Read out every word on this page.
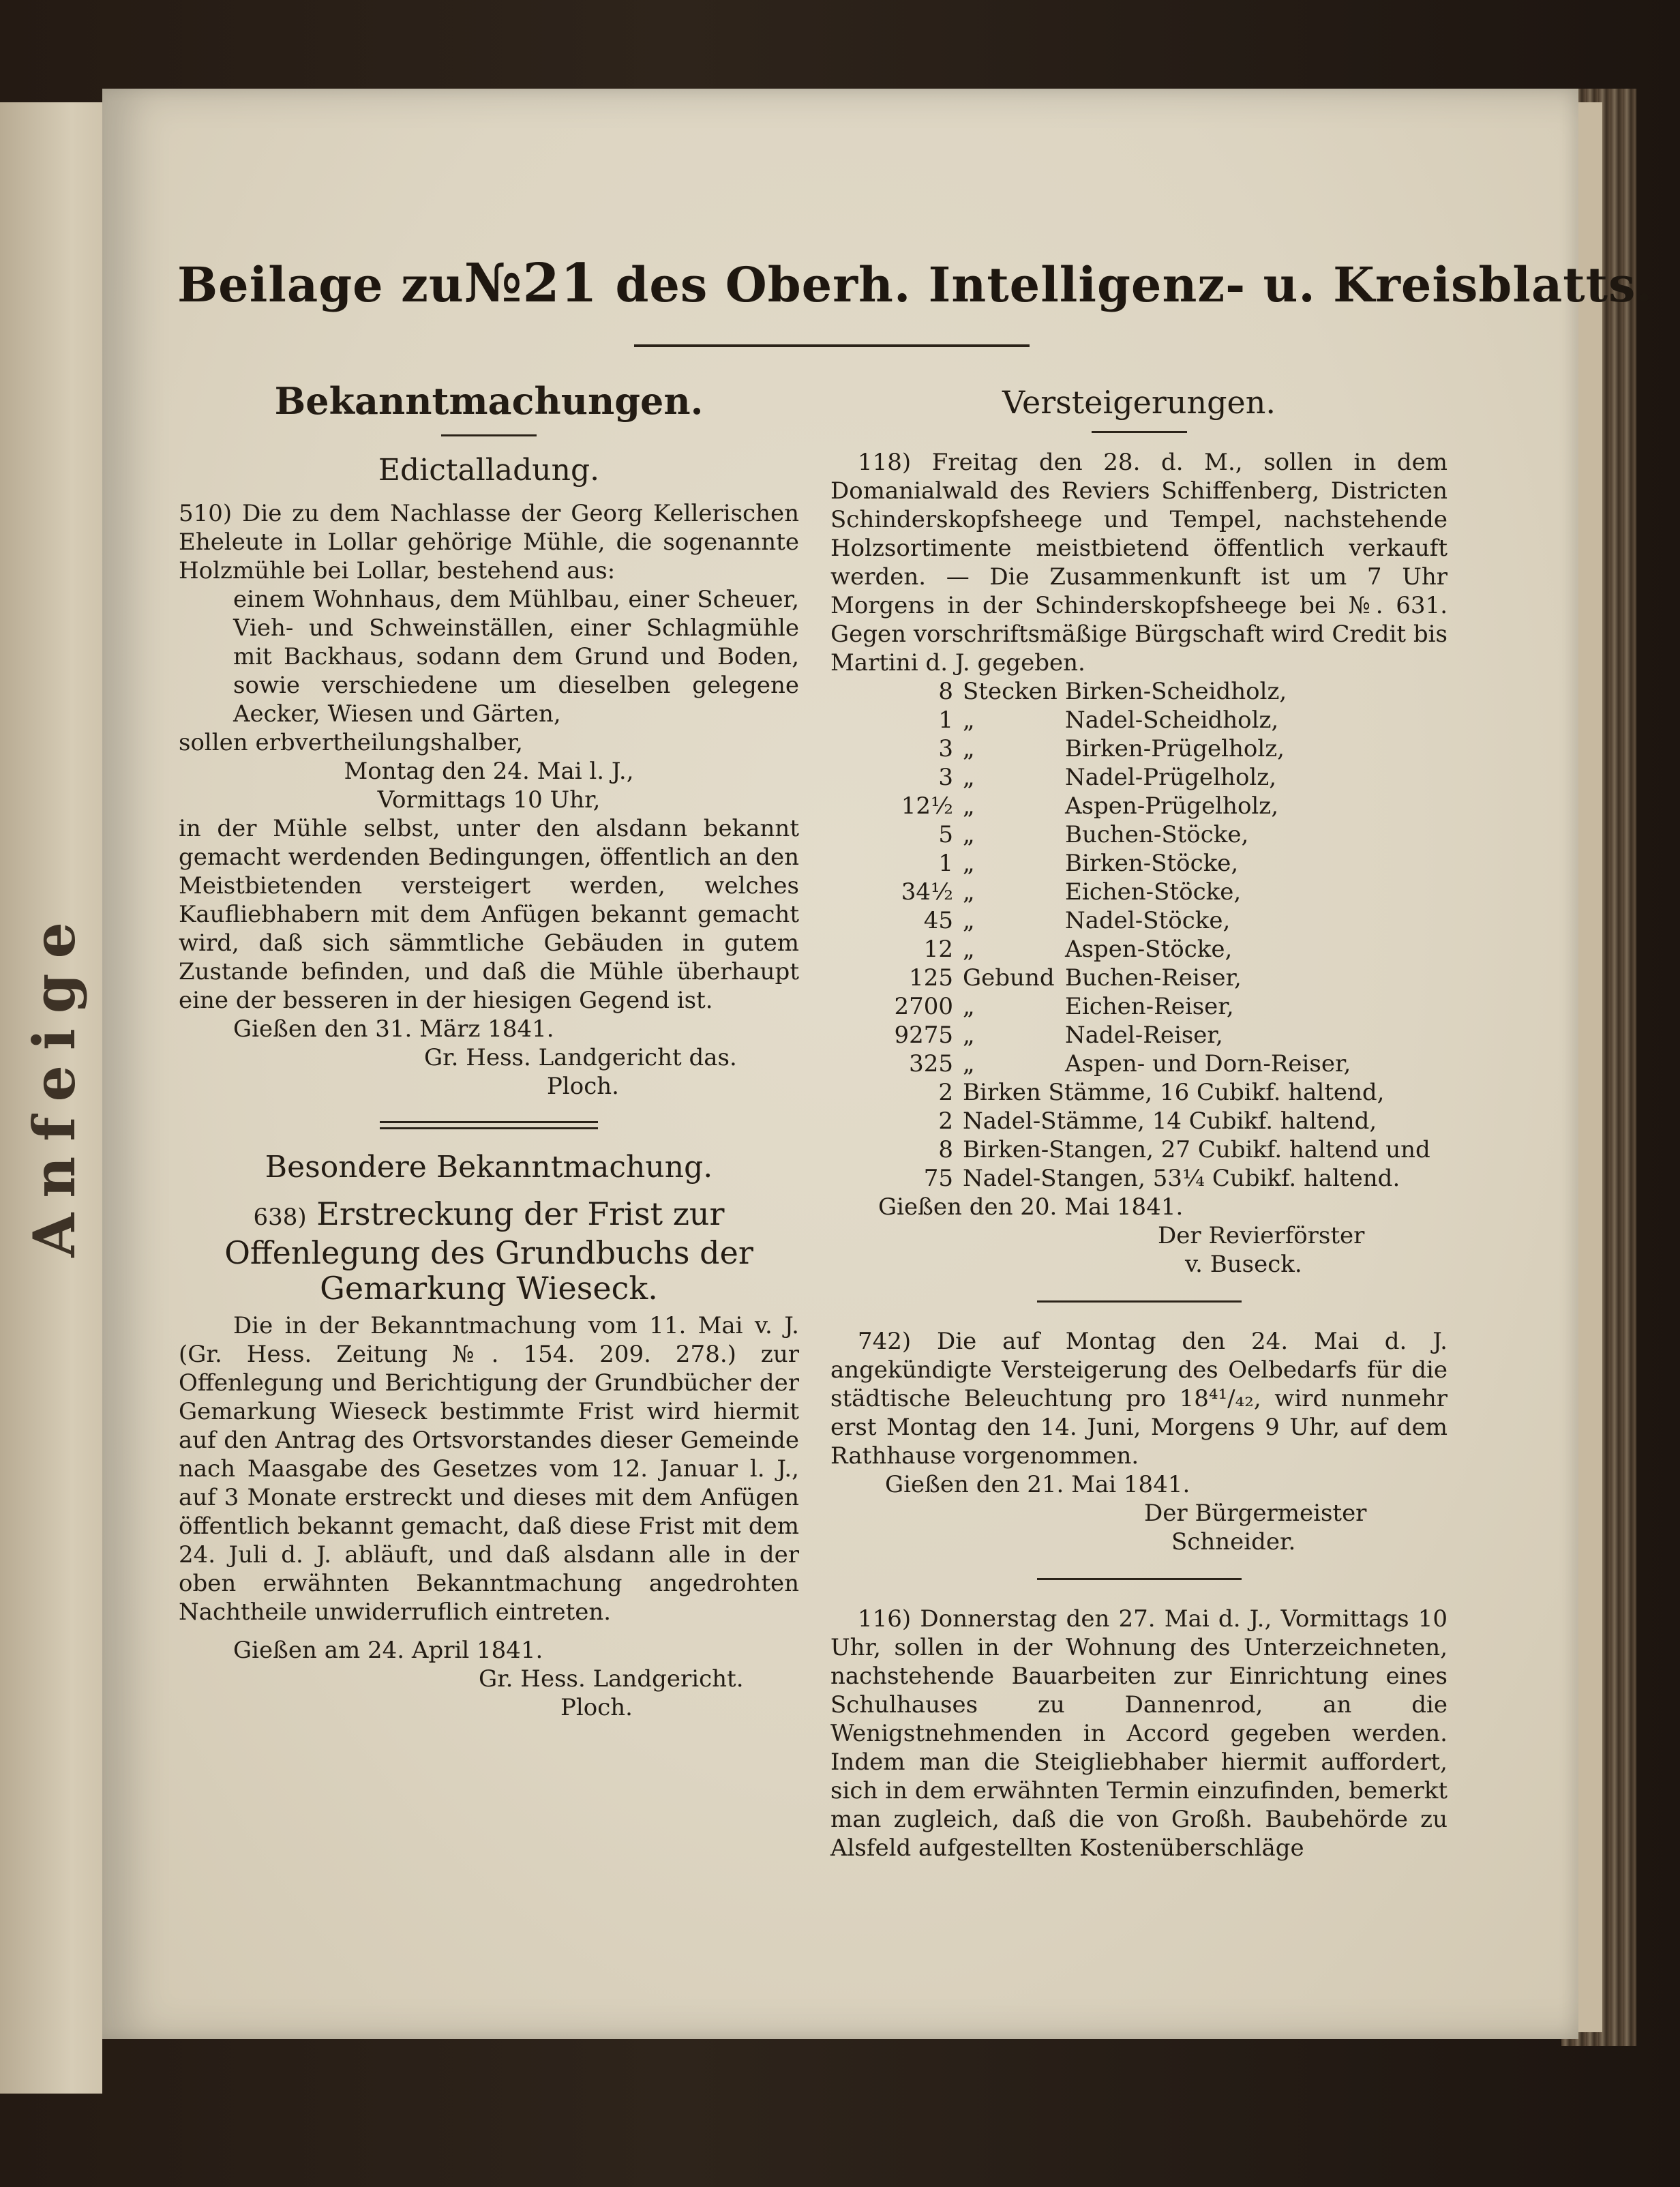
Anfeige
Beilage zu№21 des Oberh. Intelligenz- u. Kreisblatts.
Bekanntmachungen.
Edictalladung.

510) Die zu dem Nachlasse der Georg Kellerischen Eheleute in Lollar gehörige Mühle, die sogenannte Holzmühle bei Lollar, bestehend aus:

einem Wohnhaus, dem Mühlbau, einer Scheuer, Vieh- und Schweinställen, einer Schlagmühle mit Backhaus, sodann dem Grund und Boden, sowie verschiedene um dieselben gelegene Aecker, Wiesen und Gärten,

sollen erbvertheilungshalber,

Montag den 24. Mai l. J.,

Vormittags 10 Uhr,

in der Mühle selbst, unter den alsdann bekannt gemacht werdenden Bedingungen, öffentlich an den Meistbietenden versteigert werden, welches Kaufliebhabern mit dem Anfügen bekannt gemacht wird, daß sich sämmtliche Gebäuden in gutem Zustande befinden, und daß die Mühle überhaupt eine der besseren in der hiesigen Gegend ist.

Gießen den 31. März 1841.

Gr. Hess. Landgericht das.

Ploch.

Besondere Bekanntmachung.
638) Erstreckung der Frist zur Offenlegung des Grundbuchs der Gemarkung Wieseck.

Die in der Bekanntmachung vom 11. Mai v. J. (Gr. Hess. Zeitung №. 154. 209. 278.) zur Offenlegung und Berichtigung der Grundbücher der Gemarkung Wieseck bestimmte Frist wird hiermit auf den Antrag des Ortsvorstandes dieser Gemeinde nach Maasgabe des Gesetzes vom 12. Januar l. J., auf 3 Monate erstreckt und dieses mit dem Anfügen öffentlich bekannt gemacht, daß diese Frist mit dem 24. Juli d. J. abläuft, und daß alsdann alle in der oben erwähnten Bekanntmachung angedrohten Nachtheile unwiderruflich eintreten.

Gießen am 24. April 1841.

Gr. Hess. Landgericht.

Ploch.

Versteigerungen.

118) Freitag den 28. d. M., sollen in dem Domanialwald des Reviers Schiffenberg, Districten Schinderskopfsheege und Tempel, nachstehende Holzsortimente meistbietend öffentlich verkauft werden. — Die Zusammenkunft ist um 7 Uhr Morgens in der Schinderskopfsheege bei №. 631. Gegen vorschriftsmäßige Bürgschaft wird Credit bis Martini d. J. gegeben.

8	Stecken	Birken-Scheidholz,
1	„	Nadel-Scheidholz,
3	„	Birken-Prügelholz,
3	„	Nadel-Prügelholz,
12½	„	Aspen-Prügelholz,
5	„	Buchen-Stöcke,
1	„	Birken-Stöcke,
34½	„	Eichen-Stöcke,
45	„	Nadel-Stöcke,
12	„	Aspen-Stöcke,
125	Gebund	Buchen-Reiser,
2700	„	Eichen-Reiser,
9275	„	Nadel-Reiser,
325	„	Aspen- und Dorn-Reiser,
2	Birken Stämme, 16 Cubikf. haltend,
2	Nadel-Stämme, 14 Cubikf. haltend,
8	Birken-Stangen, 27 Cubikf. haltend und
75	Nadel-Stangen, 53¼ Cubikf. haltend.

Gießen den 20. Mai 1841.

Der Revierförster

v. Buseck.

742) Die auf Montag den 24. Mai d. J. angekündigte Versteigerung des Oelbedarfs für die städtische Beleuchtung pro 18⁴¹/₄₂, wird nunmehr erst Montag den 14. Juni, Morgens 9 Uhr, auf dem Rathhause vorgenommen.

Gießen den 21. Mai 1841.

Der Bürgermeister

Schneider.

116) Donnerstag den 27. Mai d. J., Vormittags 10 Uhr, sollen in der Wohnung des Unterzeichneten, nachstehende Bauarbeiten zur Einrichtung eines Schulhauses zu Dannenrod, an die Wenigstnehmenden in Accord gegeben werden. Indem man die Steigliebhaber hiermit auffordert, sich in dem erwähnten Termin einzufinden, bemerkt man zugleich, daß die von Großh. Baubehörde zu Alsfeld aufgestellten Kostenüberschläge
